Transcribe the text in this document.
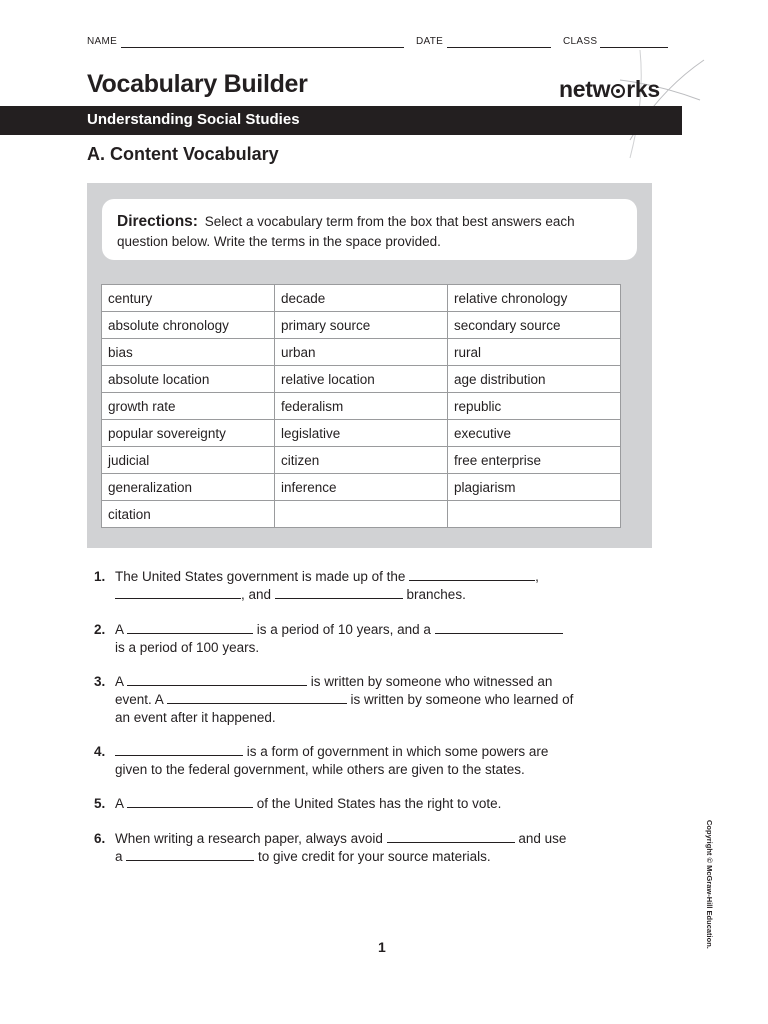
NAME	DATE	CLASS
Vocabulary Builder	netw rks
Understanding Social Studies
A. Content Vocabulary
Directions: Select a vocabulary term from the box that best answers each question below. Write the terms in the space provided.
century	decade	relative chronology
absolute chronology	primary source	secondary source
bias	urban	rural
absolute location	relative location	age distribution
growth rate	federalism	republic
popular sovereignty	legislative	executive
judicial	citizen	free enterprise
generalization	inference	plagiarism
citation		
1. The United States government is made up of the	, , and	branches.
2. A	is a period of 10 years, and a
is a period of 100 years.
3. A	is written by someone who witnessed an event. A	is written by someone who learned of an event after it happened.
4.	is a form of government in which some powers are given to the federal government, while others are given to the states.
5. A	of the United States has the right to vote.
6. When writing a research paper, always avoid	and use a	to give credit for your source materials.	Copyright © McGraw-Hill Education.
1
